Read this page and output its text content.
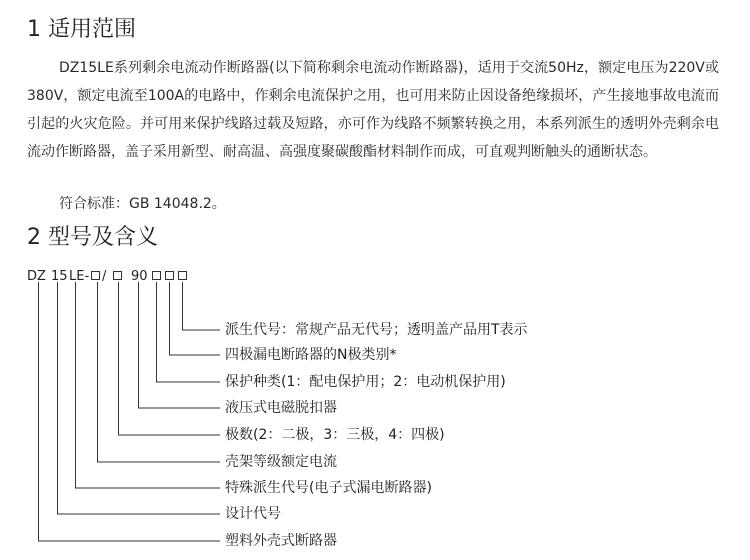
1 适用范围
DZ15LE系列剩余电流动作断路器(以下简称剩余电流动作断路器)，适用于交流50Hz，额定电压为220V或380V，额定电流至100A的电路中，作剩余电流保护之用，也可用来防止因设备绝缘损坏，产生接地事故电流而引起的火灾危险。并可用来保护线路过载及短路，亦可作为线路不频繁转换之用，本系列派生的透明外壳剩余电流动作断路器，盖子采用新型、耐高温、高强度聚碳酸酯材料制作而成，可直观判断触头的通断状态。
符合标准：GB 14048.2。
2 型号及含义
DZ 15 LE- / 90
派生代号：常规产品无代号；透明盖产品用T表示
四极漏电断路器的N极类别*
保护种类(1：配电保护用；2：电动机保护用)
液压式电磁脱扣器
极数(2：二极，3：三极，4：四极)
壳架等级额定电流
特殊派生代号(电子式漏电断路器)
设计代号
塑料外壳式断路器
